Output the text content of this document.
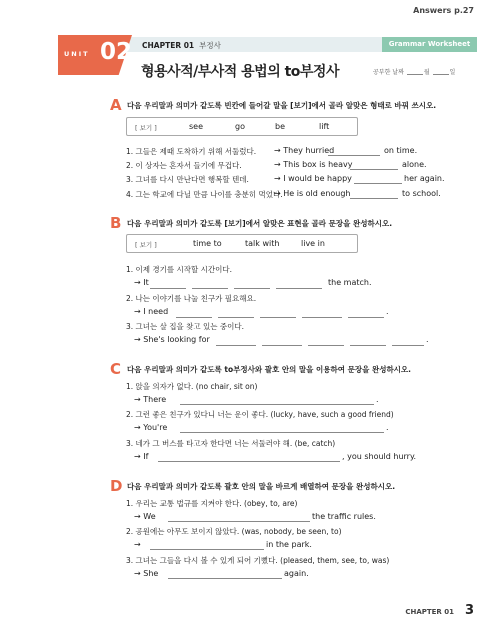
Answers p.27
CHAPTER 01 부정사	Grammar Worksheet
UNIT 02
형용사적/부사적 용법의 to부정사	공부한 날짜	월	일
A 다음 우리말과 의미가 같도록 빈칸에 들어갈 말을 [보기]에서 골라 알맞은 형태로 바꿔 쓰시오.
[ 보기 ]	see	go	be	lift
1. 그들은 제때 도착하기 위해 서둘렀다. → They hurried	on time.
2. 이 상자는 혼자서 들기에 무겁다.	→ This box is heavy	alone.
3. 그녀를 다시 만난다면 행복할 텐데.	→ I would be happy	her again.
4. 그는 학교에 다닐 만큼 나이를 충분히 먹었다.
→ He is old enough	to school.
B 다음 우리말과 의미가 같도록 [보기]에서 알맞은 표현을 골라 문장을 완성하시오.
[ 보기 ]	time to	talk with	live in
1. 이제 경기를 시작할 시간이다.
→ It	the match.
2. 나는 이야기를 나눌 친구가 필요해요.
→ I need	.
3. 그녀는 살 집을 찾고 있는 중이다.
→ She's looking for	.
C 다음 우리말과 의미가 같도록 to부정사와 괄호 안의 말을 이용하여 문장을 완성하시오.
1. 앉을 의자가 없다. (no chair, sit on)
→ There	.
2. 그런 좋은 친구가 있다니 너는 운이 좋다. (lucky, have, such a good friend)
→ You're	.
3. 네가 그 버스를 타고자 한다면 너는 서둘러야 해. (be, catch)
→ If	, you should hurry.
D 다음 우리말과 의미가 같도록 괄호 안의 말을 바르게 배열하여 문장을 완성하시오.
1. 우리는 교통 법규를 지켜야 한다. (obey, to, are)
→ We	the traffic rules.
2. 공원에는 아무도 보이지 않았다. (was, nobody, be seen, to)
→	in the park.
3. 그녀는 그들을 다시 볼 수 있게 되어 기뻤다. (pleased, them, see, to, was)
→ She	again.
CHAPTER 01 3
